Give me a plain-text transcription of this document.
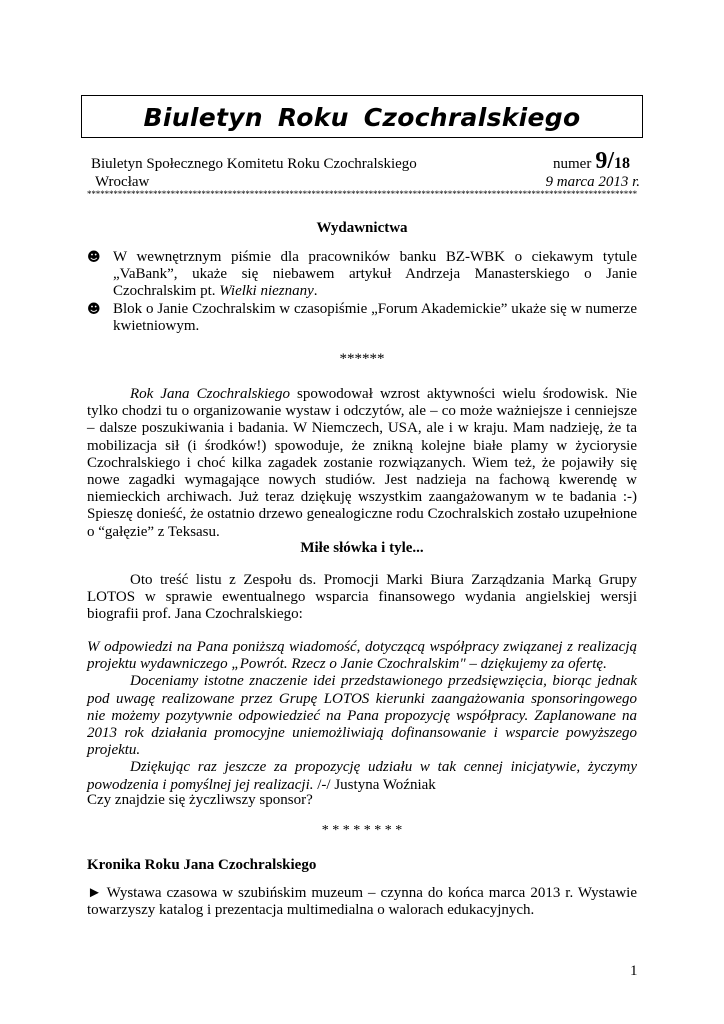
Biuletyn Roku Czochralskiego
Biuletyn Społecznego Komitetu Roku Czochralskiego
Wrocław
numer 9/18
9 marca 2013 r.
*****************************************************************************************************************************
Wydawnictwa
☻ W wewnętrznym piśmie dla pracowników banku BZ-WBK o ciekawym tytule „VaBank”, ukaże się niebawem artykuł Andrzeja Manasterskiego o Janie Czochralskim pt. Wielki nieznany.
☻ Blok o Janie Czochralskim w czasopiśmie „Forum Akademickie” ukaże się w numerze kwietniowym.
******
Rok Jana Czochralskiego spowodował wzrost aktywności wielu środowisk. Nie tylko chodzi tu o organizowanie wystaw i odczytów, ale – co może ważniejsze i cenniejsze – dalsze poszukiwania i badania. W Niemczech, USA, ale i w kraju. Mam nadzieję, że ta mobilizacja sił (i środków!) spowoduje, że znikną kolejne białe plamy w życiorysie Czochralskiego i choć kilka zagadek zostanie rozwiązanych. Wiem też, że pojawiły się nowe zagadki wymagające nowych studiów. Jest nadzieja na fachową kwerendę w niemieckich archiwach. Już teraz dziękuję wszystkim zaangażowanym w te badania :-) Spieszę donieść, że ostatnio drzewo genealogiczne rodu Czochralskich zostało uzupełnione o “gałęzie” z Teksasu.
Miłe słówka i tyle...
Oto treść listu z Zespołu ds. Promocji Marki Biura Zarządzania Marką Grupy LOTOS w sprawie ewentualnego wsparcia finansowego wydania angielskiej wersji biografii prof. Jana Czochralskiego:
W odpowiedzi na Pana poniższą wiadomość, dotyczącą współpracy związanej z realizacją projektu wydawniczego „Powrót. Rzecz o Janie Czochralskim" – dziękujemy za ofertę.
Doceniamy istotne znaczenie idei przedstawionego przedsięwzięcia, biorąc jednak pod uwagę realizowane przez Grupę LOTOS kierunki zaangażowania sponsoringowego nie możemy pozytywnie odpowiedzieć na Pana propozycję współpracy. Zaplanowane na 2013 rok działania promocyjne uniemożliwiają dofinansowanie i wsparcie powyższego projektu.
Dziękując raz jeszcze za propozycję udziału w tak cennej inicjatywie, życzymy powodzenia i pomyślnej jej realizacji. /-/ Justyna Woźniak
Czy znajdzie się życzliwszy sponsor?
* * * * * * * *
Kronika Roku Jana Czochralskiego
► Wystawa czasowa w szubińskim muzeum – czynna do końca marca 2013 r. Wystawie towarzyszy katalog i prezentacja multimedialna o walorach edukacyjnych.
1
